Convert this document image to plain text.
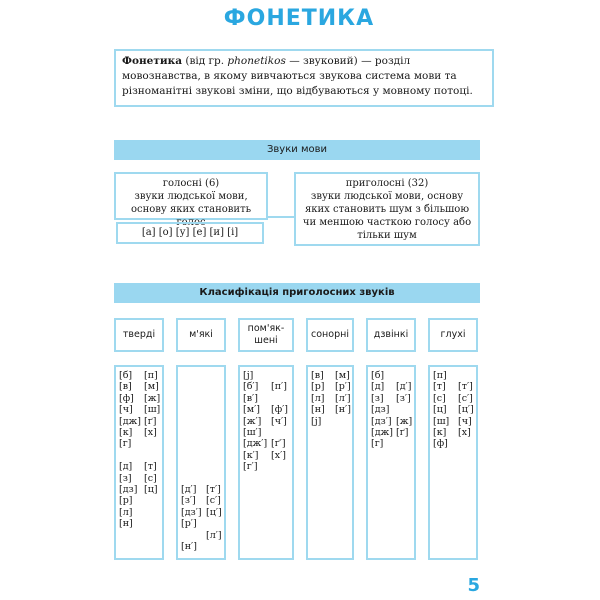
ФОНЕТИКА
Фонетика (від гр. phonetikos — звуковий) — розділ мовознавства, в якому вивчаються звукова система мови та різноманітні звукові зміни, що відбуваються у мовному потоці.
Звуки мови
голосні (6)
звуки людської мови, основу яких становить голос
[а] [о] [у] [е] [и] [і]
приголосні (32)
звуки людської мови, основу яких становить шум з більшою чи меншою часткою голосу або тільки шум
Класифікація приголосних звуків
тверді
[б] [п]
[в] [м]
[ф] [ж]
[ч] [ш]
[дж] [ґ]
[к] [х]
[г]
[д] [т]
[з] [с]
[дз] [ц]
[р]
[л]
[н]
м'які
[д′] [т′]
[з′] [с′]
[дз′] [ц′]
[р′]
[л′]
[н′]
пом'як-шені
[j]
[б′] [п′]
[в′]
[м′] [ф′]
[ж′] [ч′]
[ш′]
[дж′] [ґ′]
[к′] [х′]
[г′]
сонорні
[в] [м]
[р] [р′]
[л] [л′]
[н] [н′]
[j]
дзвінкі
[б]
[д] [д′]
[з] [з′]
[дз]
[дз′] [ж]
[дж] [ґ]
[г]
глухі
[п]
[т] [т′]
[с] [с′]
[ц] [ц′]
[ш] [ч]
[к] [х]
[ф]
5
